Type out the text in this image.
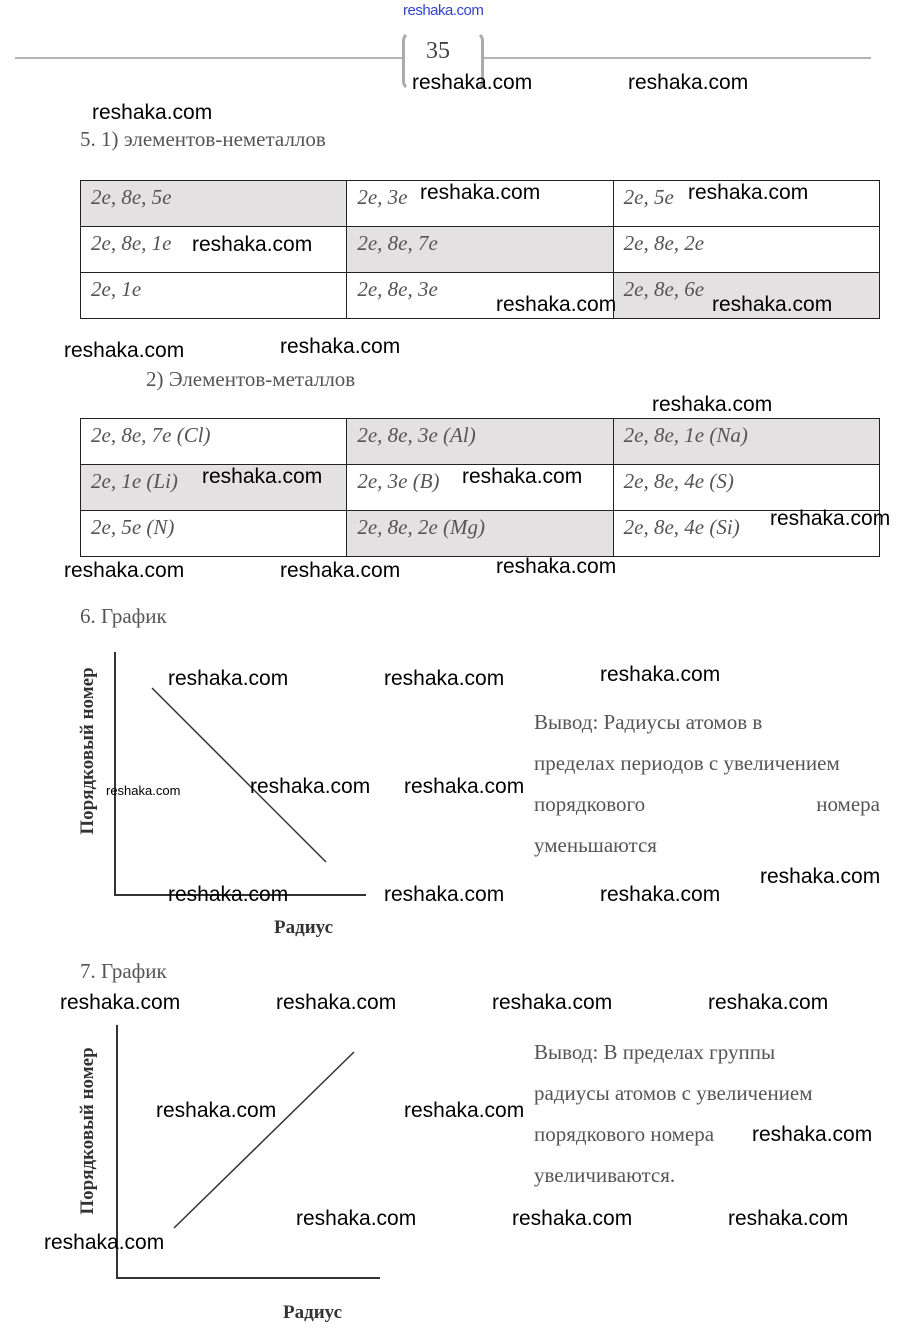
reshaka.com
35
5. 1) элементов-неметаллов
2e, 8e, 5e	2e, 3e	2e, 5e
2e, 8e, 1e	2e, 8e, 7e	2e, 8e, 2e
2e, 1e	2e, 8e, 3e	2e, 8e, 6e
2) Элементов-металлов
2e, 8e, 7e (Cl)	2e, 8e, 3e (Al)	2e, 8e, 1e (Na)
2e, 1e (Li)	2e, 3e (B)	2e, 8e, 4e (S)
2e, 5e (N)	2e, 8e, 2e (Mg)	2e, 8e, 4e (Si)
6. График
Порядковый номер
Радиус
Вывод: Радиусы атомов в
пределах периодов с увеличением
порядкового	номера
уменьшаются
7. График
Порядковый номер
Радиус
Вывод: В пределах группы
радиусы атомов с увеличением
порядкового номера
увеличиваются.
reshaka.com	reshaka.com
reshaka.com
reshaka.com	reshaka.com
reshaka.com
reshaka.com	reshaka.com
reshaka.com	reshaka.com
reshaka.com
reshaka.com	reshaka.com
reshaka.com
reshaka.com	reshaka.com	reshaka.com
reshaka.com	reshaka.com	reshaka.com
reshaka.com	reshaka.com reshaka.com
reshaka.com
reshaka.com	reshaka.com	reshaka.com
reshaka.com	reshaka.com	reshaka.com	reshaka.com
reshaka.com	reshaka.com
reshaka.com
reshaka.com	reshaka.com	reshaka.com
reshaka.com
